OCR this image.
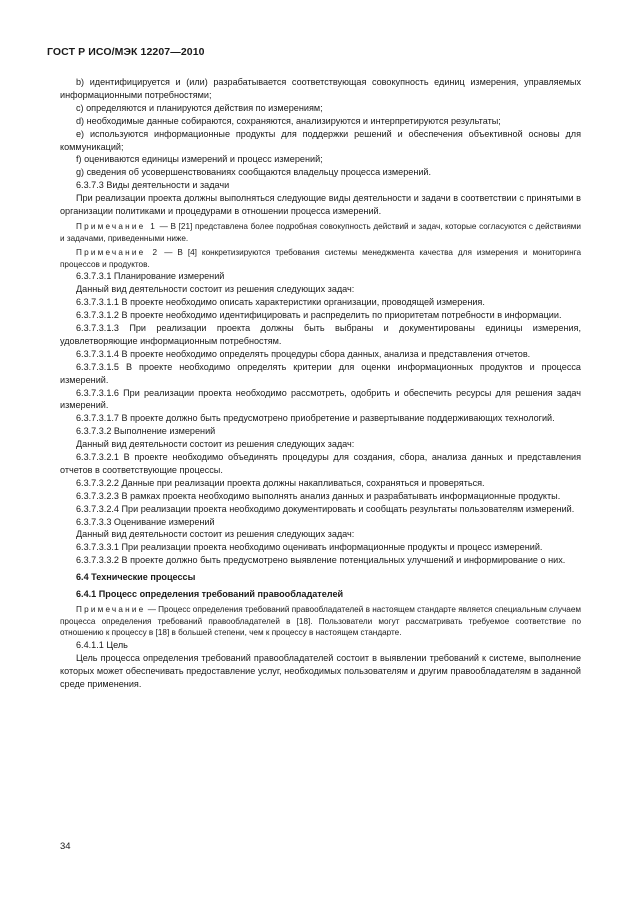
ГОСТ Р ИСО/МЭК 12207—2010

b) идентифицируется и (или) разрабатывается соответствующая совокупность единиц измерения, управляемых информационными потребностями;

c) определяются и планируются действия по измерениям;

d) необходимые данные собираются, сохраняются, анализируются и интерпретируются результаты;

e) используются информационные продукты для поддержки решений и обеспечения объективной основы для коммуникаций;

f) оцениваются единицы измерений и процесс измерений;

g) сведения об усовершенствованиях сообщаются владельцу процесса измерений.

6.3.7.3 Виды деятельности и задачи

При реализации проекта должны выполняться следующие виды деятельности и задачи в соответствии с принятыми в организации политиками и процедурами в отношении процесса измерений.

Примечание 1 — В [21] представлена более подробная совокупность действий и задач, которые согласуются с действиями и задачами, приведенными ниже.

Примечание 2 — В [4] конкретизируются требования системы менеджмента качества для измерения и мониторинга процессов и продуктов.

6.3.7.3.1 Планирование измерений

Данный вид деятельности состоит из решения следующих задач:

6.3.7.3.1.1 В проекте необходимо описать характеристики организации, проводящей измерения.

6.3.7.3.1.2 В проекте необходимо идентифицировать и распределить по приоритетам потребности в информации.

6.3.7.3.1.3 При реализации проекта должны быть выбраны и документированы единицы измерения, удовлетворяющие информационным потребностям.

6.3.7.3.1.4 В проекте необходимо определять процедуры сбора данных, анализа и представления отчетов.

6.3.7.3.1.5 В проекте необходимо определять критерии для оценки информационных продуктов и процесса измерений.

6.3.7.3.1.6 При реализации проекта необходимо рассмотреть, одобрить и обеспечить ресурсы для решения задач измерений.

6.3.7.3.1.7 В проекте должно быть предусмотрено приобретение и развертывание поддерживающих технологий.

6.3.7.3.2 Выполнение измерений

Данный вид деятельности состоит из решения следующих задач:

6.3.7.3.2.1 В проекте необходимо объединять процедуры для создания, сбора, анализа данных и представления отчетов в соответствующие процессы.

6.3.7.3.2.2 Данные при реализации проекта должны накапливаться, сохраняться и проверяться.

6.3.7.3.2.3 В рамках проекта необходимо выполнять анализ данных и разрабатывать информационные продукты.

6.3.7.3.2.4 При реализации проекта необходимо документировать и сообщать результаты пользователям измерений.

6.3.7.3.3 Оценивание измерений

Данный вид деятельности состоит из решения следующих задач:

6.3.7.3.3.1 При реализации проекта необходимо оценивать информационные продукты и процесс измерений.

6.3.7.3.3.2 В проекте должно быть предусмотрено выявление потенциальных улучшений и информирование о них.

6.4 Технические процессы

6.4.1 Процесс определения требований правообладателей

Примечание — Процесс определения требований правообладателей в настоящем стандарте является специальным случаем процесса определения требований правообладателей в [18]. Пользователи могут рассматривать требуемое соответствие по отношению к процессу в [18] в большей степени, чем к процессу в настоящем стандарте.

6.4.1.1 Цель

Цель процесса определения требований правообладателей состоит в выявлении требований к системе, выполнение которых может обеспечивать предоставление услуг, необходимых пользователям и другим правообладателям в заданной среде применения.

34
